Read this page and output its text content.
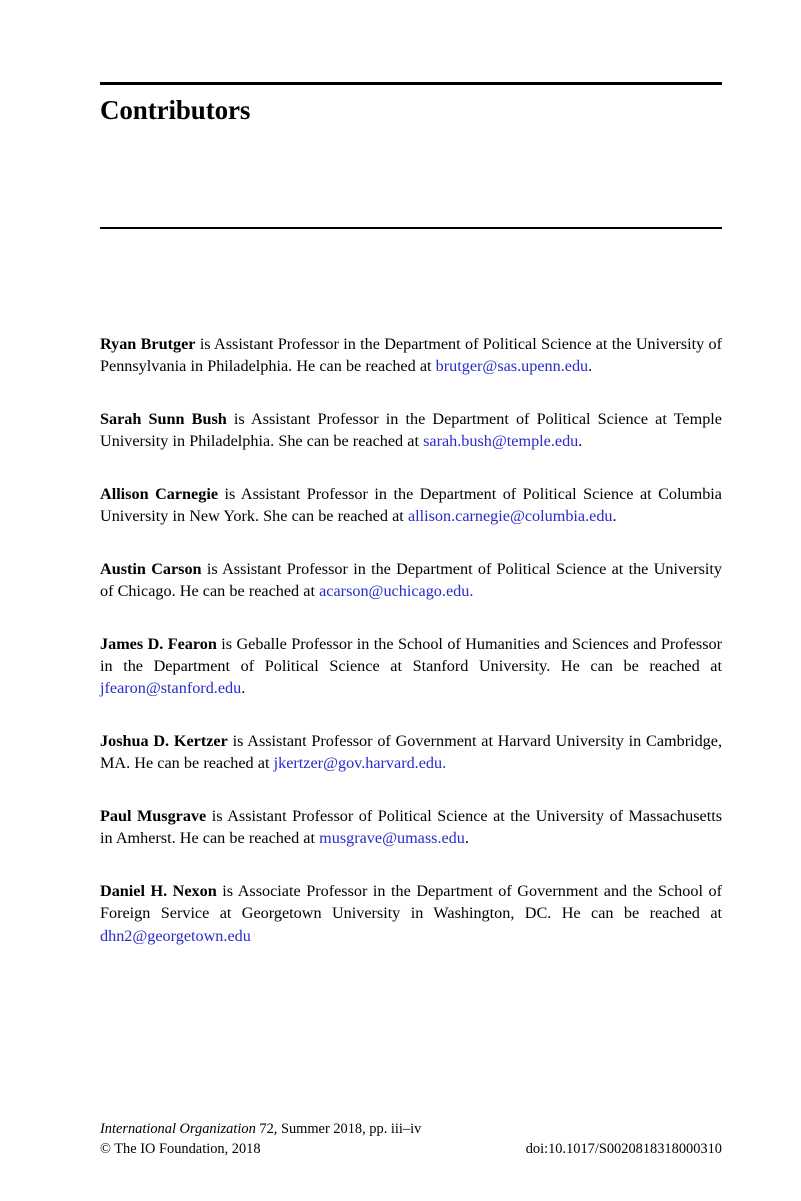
Contributors

Ryan Brutger is Assistant Professor in the Department of Political Science at the University of Pennsylvania in Philadelphia. He can be reached at brutger@sas.upenn.edu.

Sarah Sunn Bush is Assistant Professor in the Department of Political Science at Temple University in Philadelphia. She can be reached at sarah.bush@temple.edu.

Allison Carnegie is Assistant Professor in the Department of Political Science at Columbia University in New York. She can be reached at allison.carnegie@columbia.edu.

Austin Carson is Assistant Professor in the Department of Political Science at the University of Chicago. He can be reached at acarson@uchicago.edu.

James D. Fearon is Geballe Professor in the School of Humanities and Sciences and Professor in the Department of Political Science at Stanford University. He can be reached at jfearon@stanford.edu.

Joshua D. Kertzer is Assistant Professor of Government at Harvard University in Cambridge, MA. He can be reached at jkertzer@gov.harvard.edu.

Paul Musgrave is Assistant Professor of Political Science at the University of Massachusetts in Amherst. He can be reached at musgrave@umass.edu.

Daniel H. Nexon is Associate Professor in the Department of Government and the School of Foreign Service at Georgetown University in Washington, DC. He can be reached at dhn2@georgetown.edu

International Organization 72, Summer 2018, pp. iii–iv
© The IO Foundation, 2018	doi:10.1017/S0020818318000310
